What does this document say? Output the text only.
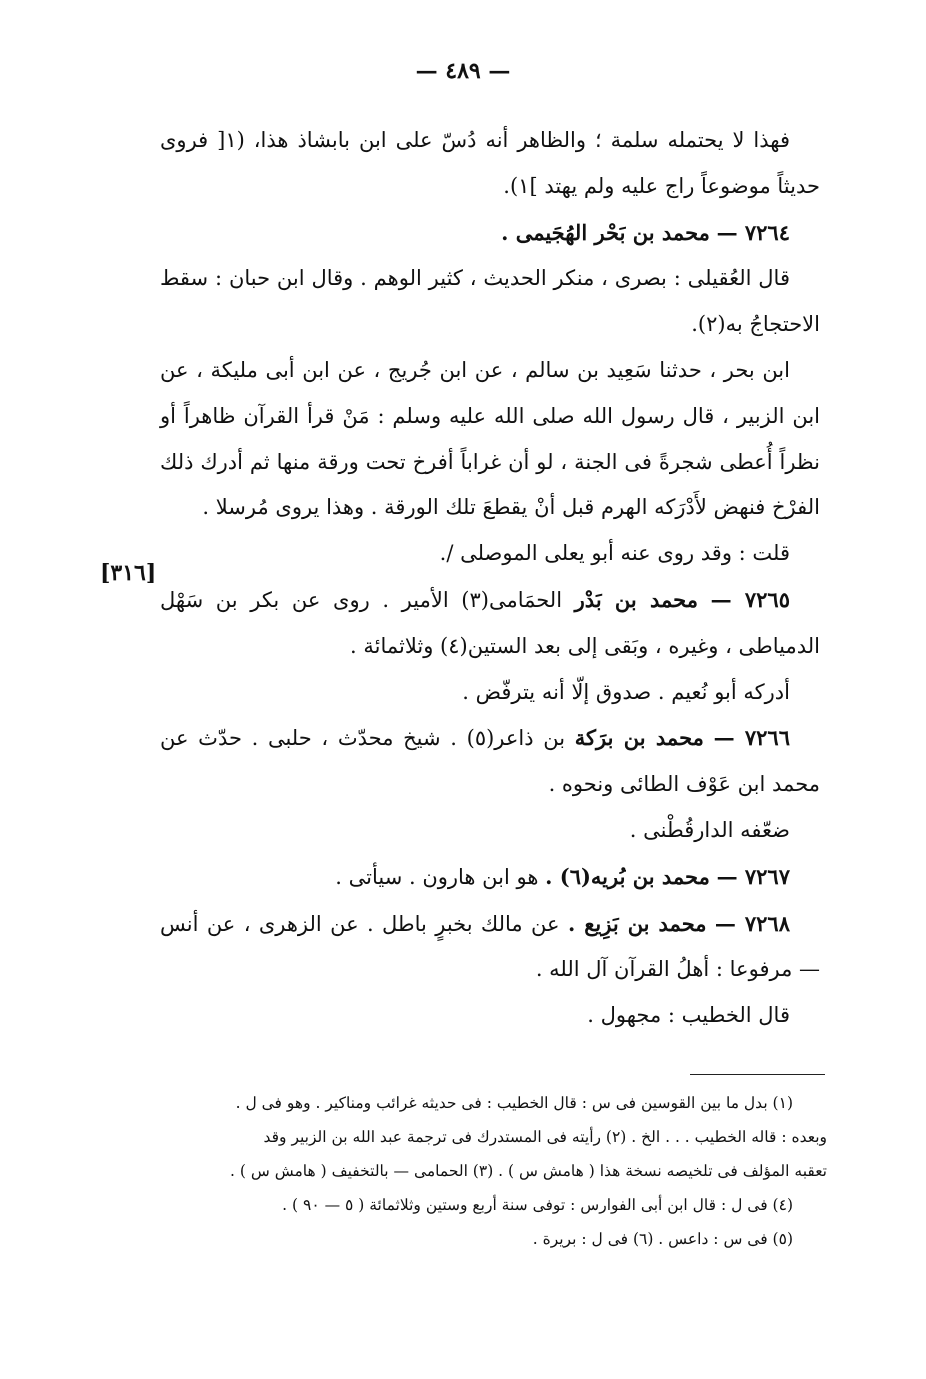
— ٤٨٩ —
[٣١٦]

فهذا لا يحتمله سلمة ؛ والظاهر أنه دُسّ على ابن بابشاذ هذا، (١[ فروى حديثاً موضوعاً راج عليه ولم يهتد ]١).

٧٢٦٤ — محمد بن بَحْر الهُجَيمى .

قال العُقيلى : بصرى ، منكر الحديث ، كثير الوهم . وقال ابن حبان : سقط الاحتجاجُ به(٢).

ابن بحر ، حدثنا سَعِيد بن سالم ، عن ابن جُريج ، عن ابن أبى مليكة ، عن ابن الزبير ، قال رسول الله صلى الله عليه وسلم : مَنْ قرأ القرآن ظاهراً أو نظراً أُعطى شجرةً فى الجنة ، لو أن غراباً أفرخ تحت ورقة منها ثم أدرك ذلك الفرْخ فنهض لأَدْرَكه الهرم قبل أنْ يقطعَ تلك الورقة . وهذا يروى مُرسلا .

قلت : وقد روى عنه أبو يعلى الموصلى /.

٧٢٦٥ — محمد بن بَدْر الحمَامى(٣) الأمير . روى عن بكر بن سَهْل الدمياطى ، وغيره ، وبَقى إلى بعد الستين(٤) وثلاثمائة .

أدركه أبو نُعيم . صدوق إلّا أنه يترفّض .

٧٢٦٦ — محمد بن برَكة بن ذاعر(٥) . شيخ محدّث ، حلبى . حدّث عن محمد ابن عَوْف الطائى ونحوه .

ضعّفه الدارقُطْنى .

٧٢٦٧ — محمد بن بُريه(٦) . هو ابن هارون . سيأتى .

٧٢٦٨ — محمد بن بَزِيع . عن مالك بخبرٍ باطل . عن الزهرى ، عن أنس — مرفوعا : أهلُ القرآن آل الله .

قال الخطيب : مجهول .

(١) بدل ما بين القوسين فى س : قال الخطيب : فى حديثه غرائب ومناكير . وهو فى ل .

وبعده : قاله الخطيب . . . الخ . (٢) رأيته فى المستدرك فى ترجمة عبد الله بن الزبير وقد

تعقبه المؤلف فى تلخيصه نسخة هذا ( هامش س ) . (٣) الحمامى — بالتخفيف ( هامش س ) .

(٤) فى ل : قال ابن أبى الفوارس : توفى سنة أربع وستين وثلاثمائة ( ٥ — ٩٠ ) .

(٥) فى س : داعس . (٦) فى ل : بريرة .
